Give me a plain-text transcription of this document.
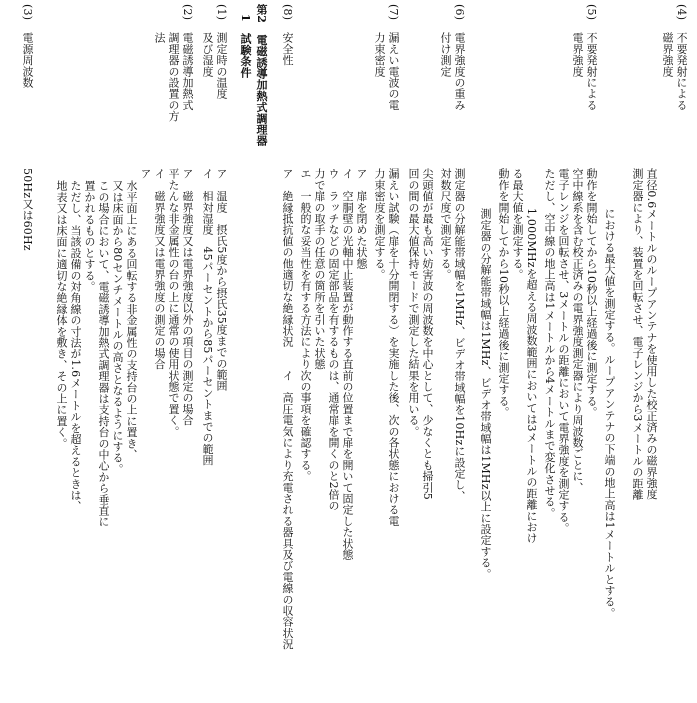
(4)
不要発射による
磁界強度
直径0.6メートルのループアンテナを使用した校正済みの磁界強度
測定器により、装置を回転させ、電子レンジから3メートルの距離
における最大値を測定する。ループアンテナの下端の地上高は1メートルとする。
(5)
不要発射による
電界強度
動作を開始してから10秒以上経過後に測定する。
空中線系を含む校正済みの電界強度測定器により周波数ごとに、
電子レンジを回転させ、3メートルの距離において電界強度を測定する。
ただし、空中線の地上高は1メートルから4メートルまで変化させる。
1,000MHzを超える周波数範囲においては3メートルの距離におけ
る最大値を測定する。
動作を開始してから10秒以上経過後に測定する。
測定器の分解能帯域幅は1MHz、ビデオ帯域幅は1MHz以上に設定する。
(6)
電界強度の重み
付け測定
測定器の分解能帯域幅を1MHz、ビデオ帯域幅を10Hzに設定し、
対数尺度で測定する。
尖頭値が最も高い妨害波の周波数を中心として、少なくとも掃引5
回の間の最大値保持モードで測定した結果を用いる。
(7)
漏えい電波の電
力束密度
漏えい試験（扉を十分開閉する）を実施した後、次の各状態における電
力束密度を測定する。
ア　扉を閉めた状態
イ　空胴壁の光軸中止装置が動作する直前の位置まで扉を開いて固定した状態
ウ　ラッチなどの固定部品を有するものは、通常扉を開くのと2倍の
力で扉の取手の任意の箇所を引いた状態
エ　一般的な妥当性を有する方法により次の事項を確認する。
(8)
安全性
ア　絶縁抵抗値の他適切な絶縁状況　　イ　高圧電気により充電される器具及び電線の収容状況
第2　電磁誘導加熱式調理器
1　試験条件
(1)
測定時の温度
及び湿度
ア　温度　摂氏5度から摂氏35度までの範囲
イ　相対湿度　45パーセントから85パーセントまでの範囲
(2)
電磁誘導加熱式
調理器の設置の方
法
ア　磁界強度又は電界強度以外の項目の測定の場合
平たんな非金属性の台の上に通常の使用状態で置く。
イ　磁界強度又は電界強度の測定の場合
ア　
水平面上にある回転する非金属性の支持台の上に置き、
又は床面から80センチメートルの高さとなるようにする。
この場合において、電磁誘導加熱式調理器は支持台の中心から垂直に
置かれるものとする。
ただし、当該設備の対角線の寸法が1.6メートルを超えるときは、
地表又は床面に適切な絶縁体を敷き、その上に置く。
(3)
電源周波数
50Hz又は60Hz
